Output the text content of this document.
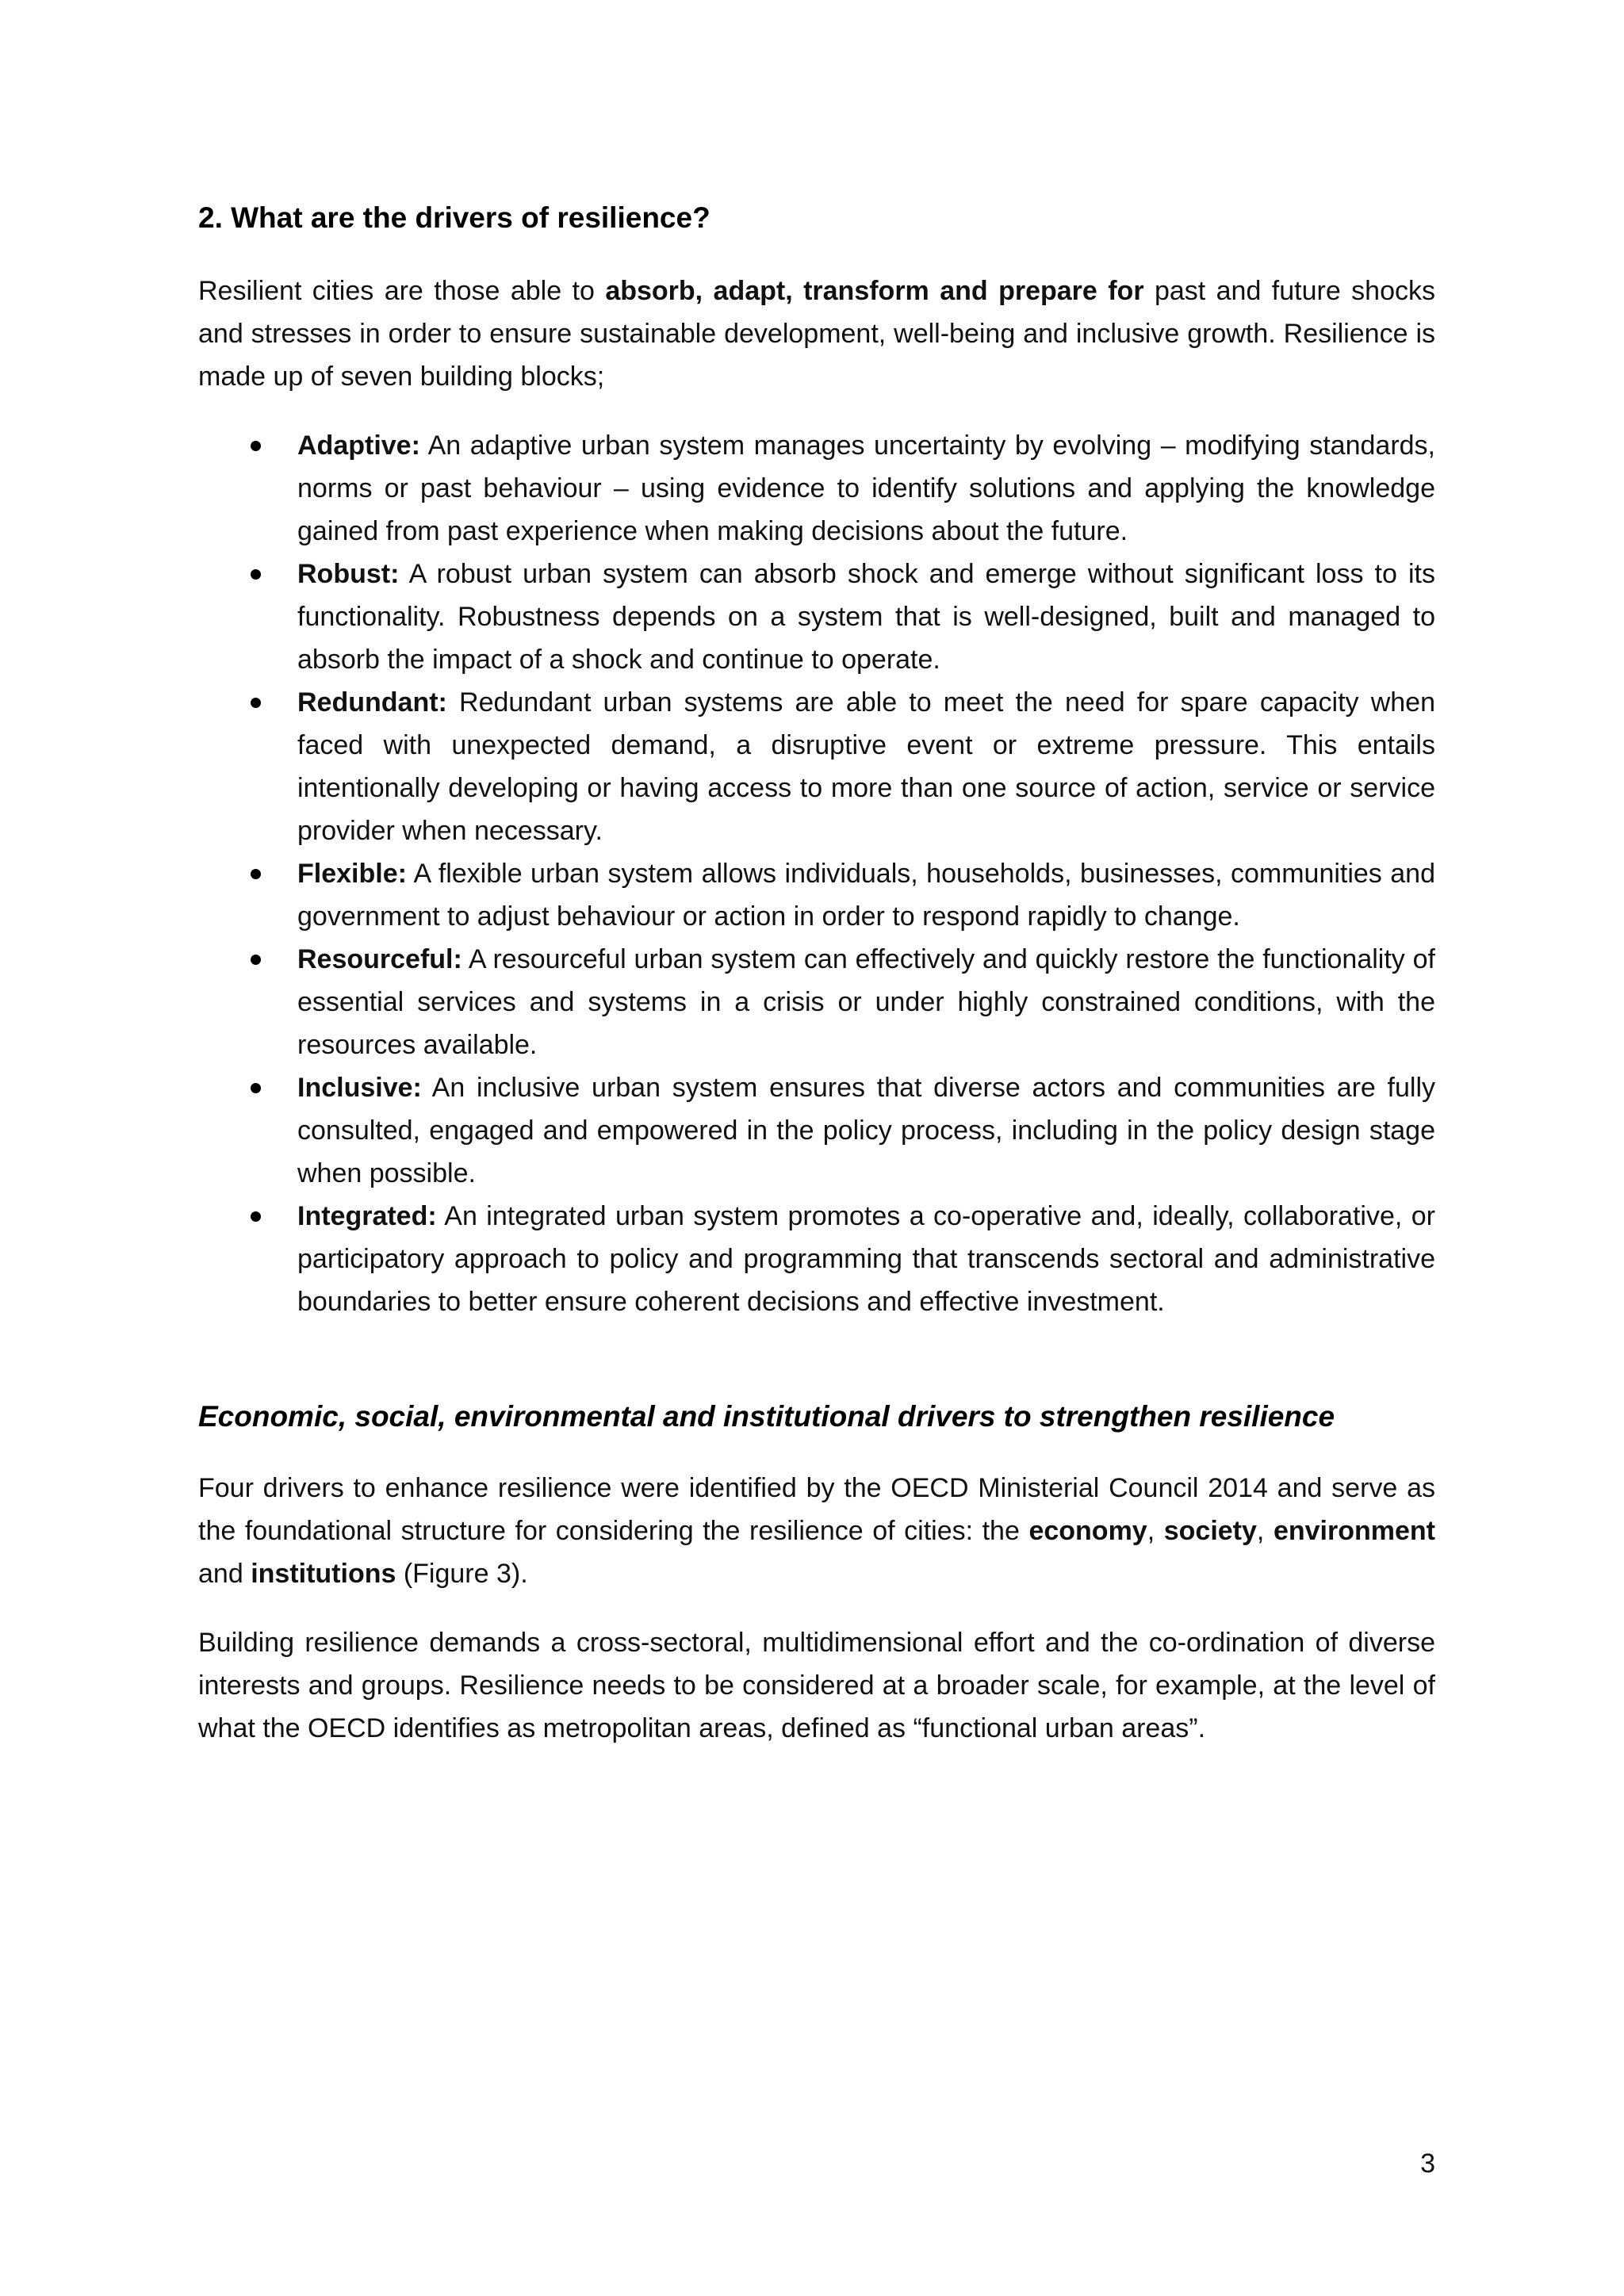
2. What are the drivers of resilience?

Resilient cities are those able to absorb, adapt, transform and prepare for past and future shocks and stresses in order to ensure sustainable development, well-being and inclusive growth. Resilience is made up of seven building blocks;

Adaptive: An adaptive urban system manages uncertainty by evolving – modifying standards, norms or past behaviour – using evidence to identify solutions and applying the knowledge gained from past experience when making decisions about the future.
Robust: A robust urban system can absorb shock and emerge without significant loss to its functionality. Robustness depends on a system that is well-designed, built and managed to absorb the impact of a shock and continue to operate.
Redundant: Redundant urban systems are able to meet the need for spare capacity when faced with unexpected demand, a disruptive event or extreme pressure. This entails intentionally developing or having access to more than one source of action, service or service provider when necessary.
Flexible: A flexible urban system allows individuals, households, businesses, communities and government to adjust behaviour or action in order to respond rapidly to change.
Resourceful: A resourceful urban system can effectively and quickly restore the functionality of essential services and systems in a crisis or under highly constrained conditions, with the resources available.
Inclusive: An inclusive urban system ensures that diverse actors and communities are fully consulted, engaged and empowered in the policy process, including in the policy design stage when possible.
Integrated: An integrated urban system promotes a co-operative and, ideally, collaborative, or participatory approach to policy and programming that transcends sectoral and administrative boundaries to better ensure coherent decisions and effective investment.
Economic, social, environmental and institutional drivers to strengthen resilience

Four drivers to enhance resilience were identified by the OECD Ministerial Council 2014 and serve as the foundational structure for considering the resilience of cities: the economy, society, environment and institutions (Figure 3).

Building resilience demands a cross-sectoral, multidimensional effort and the co-ordination of diverse interests and groups. Resilience needs to be considered at a broader scale, for example, at the level of what the OECD identifies as metropolitan areas, defined as “functional urban areas”.

3
